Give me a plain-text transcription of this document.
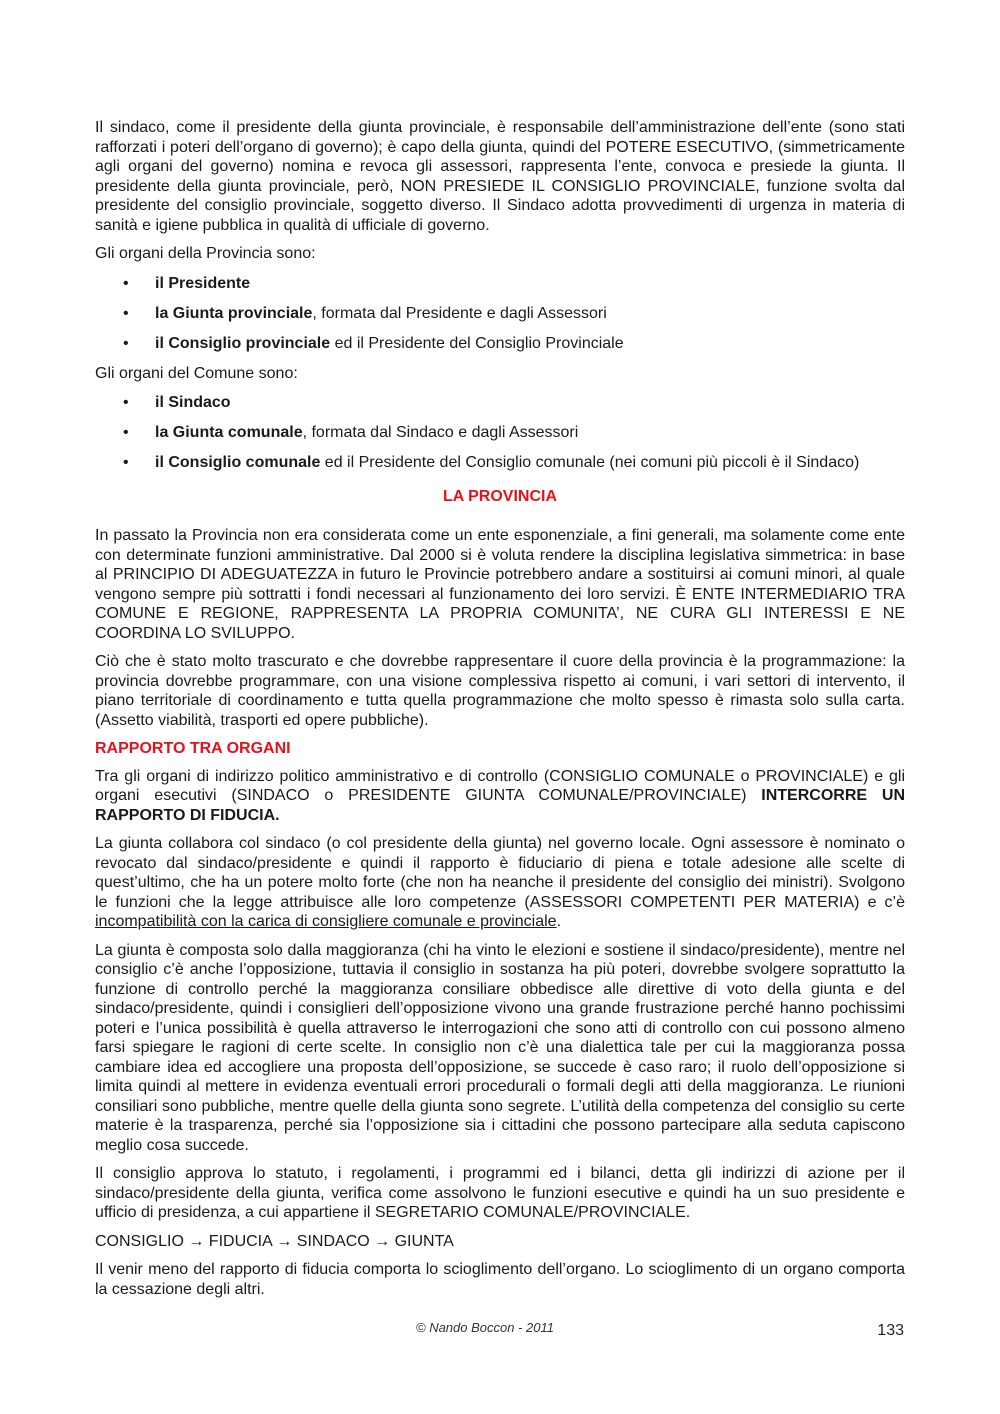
Il sindaco, come il presidente della giunta provinciale, è responsabile dell’amministrazione dell’ente (sono stati rafforzati i poteri dell’organo di governo); è capo della giunta, quindi del POTERE ESECUTIVO, (simmetricamente agli organi del governo) nomina e revoca gli assessori, rappresenta l’ente, convoca e presiede la giunta. Il presidente della giunta provinciale, però, NON PRESIEDE IL CONSIGLIO PROVINCIALE, funzione svolta dal presidente del consiglio provinciale, soggetto diverso. Il Sindaco adotta provvedimenti di urgenza in materia di sanità e igiene pubblica in qualità di ufficiale di governo.

Gli organi della Provincia sono:

• il Presidente
• la Giunta provinciale, formata dal Presidente e dagli Assessori
• il Consiglio provinciale ed il Presidente del Consiglio Provinciale

Gli organi del Comune sono:

• il Sindaco
• la Giunta comunale, formata dal Sindaco e dagli Assessori
• il Consiglio comunale ed il Presidente del Consiglio comunale (nei comuni più piccoli è il Sindaco)
LA PROVINCIA

In passato la Provincia non era considerata come un ente esponenziale, a fini generali, ma solamente come ente con determinate funzioni amministrative. Dal 2000 si è voluta rendere la disciplina legislativa simmetrica: in base al PRINCIPIO DI ADEGUATEZZA in futuro le Provincie potrebbero andare a sostituirsi ai comuni minori, al quale vengono sempre più sottratti i fondi necessari al funzionamento dei loro servizi. È ENTE INTERMEDIARIO TRA COMUNE E REGIONE, RAPPRESENTA LA PROPRIA COMUNITA’, NE CURA GLI INTERESSI E NE COORDINA LO SVILUPPO.

Ciò che è stato molto trascurato e che dovrebbe rappresentare il cuore della provincia è la programmazione: la provincia dovrebbe programmare, con una visione complessiva rispetto ai comuni, i vari settori di intervento, il piano territoriale di coordinamento e tutta quella programmazione che molto spesso è rimasta solo sulla carta. (Assetto viabilità, trasporti ed opere pubbliche).

RAPPORTO TRA ORGANI

Tra gli organi di indirizzo politico amministrativo e di controllo (CONSIGLIO COMUNALE o PROVINCIALE) e gli organi esecutivi (SINDACO o PRESIDENTE GIUNTA COMUNALE/PROVINCIALE) INTERCORRE UN RAPPORTO DI FIDUCIA.

La giunta collabora col sindaco (o col presidente della giunta) nel governo locale. Ogni assessore è nominato o revocato dal sindaco/presidente e quindi il rapporto è fiduciario di piena e totale adesione alle scelte di quest’ultimo, che ha un potere molto forte (che non ha neanche il presidente del consiglio dei ministri). Svolgono le funzioni che la legge attribuisce alle loro competenze (ASSESSORI COMPETENTI PER MATERIA) e c’è incompatibilità con la carica di consigliere comunale e provinciale.

La giunta è composta solo dalla maggioranza (chi ha vinto le elezioni e sostiene il sindaco/presidente), mentre nel consiglio c’è anche l’opposizione, tuttavia il consiglio in sostanza ha più poteri, dovrebbe svolgere soprattutto la funzione di controllo perché la maggioranza consiliare obbedisce alle direttive di voto della giunta e del sindaco/presidente, quindi i consiglieri dell’opposizione vivono una grande frustrazione perché hanno pochissimi poteri e l’unica possibilità è quella attraverso le interrogazioni che sono atti di controllo con cui possono almeno farsi spiegare le ragioni di certe scelte. In consiglio non c’è una dialettica tale per cui la maggioranza possa cambiare idea ed accogliere una proposta dell’opposizione, se succede è caso raro; il ruolo dell’opposizione si limita quindi al mettere in evidenza eventuali errori procedurali o formali degli atti della maggioranza. Le riunioni consiliari sono pubbliche, mentre quelle della giunta sono segrete. L’utilità della competenza del consiglio su certe materie è la trasparenza, perché sia l’opposizione sia i cittadini che possono partecipare alla seduta capiscono meglio cosa succede.

Il consiglio approva lo statuto, i regolamenti, i programmi ed i bilanci, detta gli indirizzi di azione per il sindaco/presidente della giunta, verifica come assolvono le funzioni esecutive e quindi ha un suo presidente e ufficio di presidenza, a cui appartiene il SEGRETARIO COMUNALE/PROVINCIALE.

CONSIGLIO → FIDUCIA → SINDACO → GIUNTA

Il venir meno del rapporto di fiducia comporta lo scioglimento dell’organo. Lo scioglimento di un organo comporta la cessazione degli altri.

© Nando Boccon - 2011	133
